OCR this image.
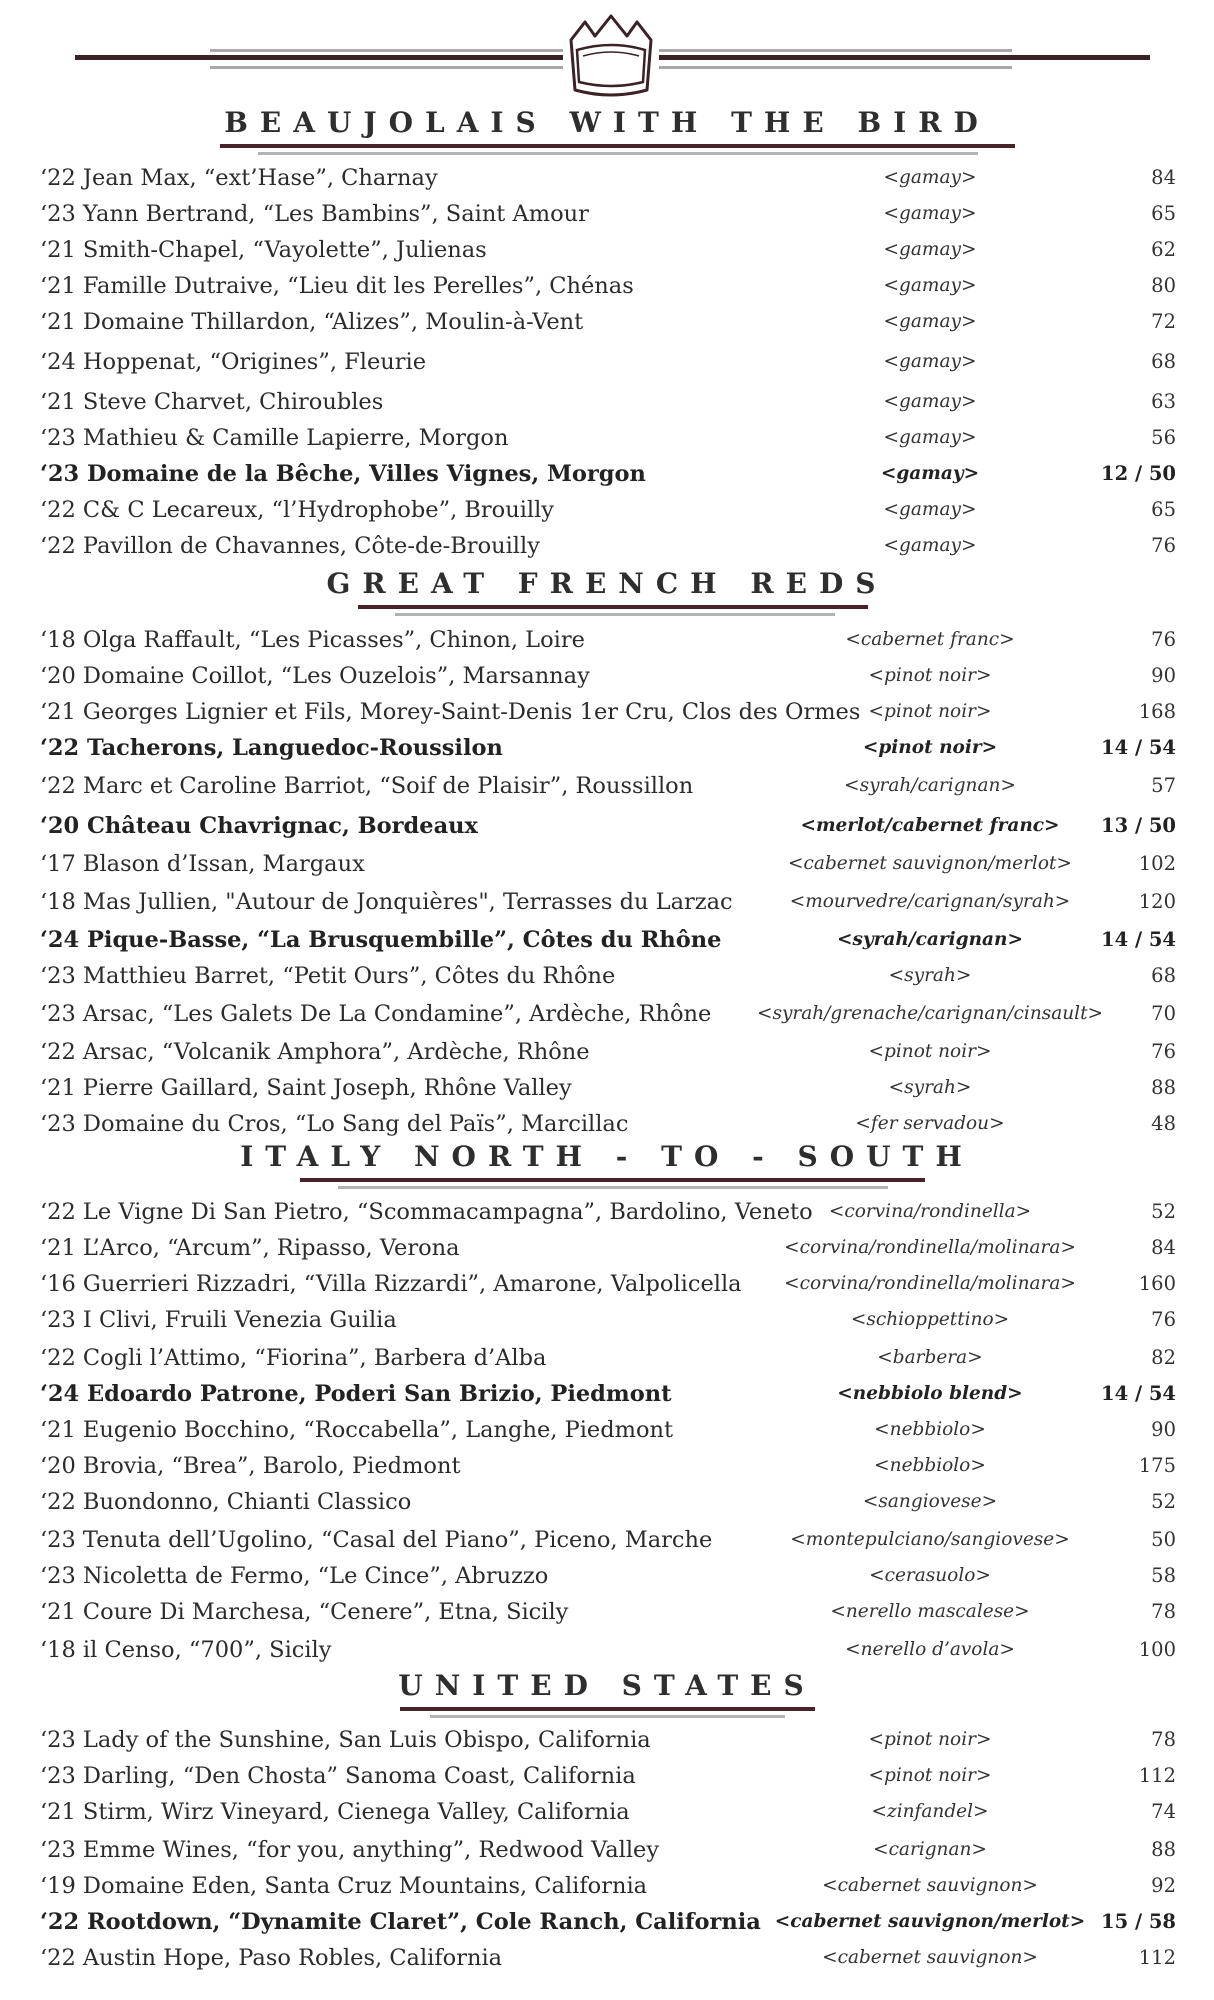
BEAUJOLAIS WITH THE BIRD
‘22 Jean Max, “ext’Hase”, Charnay	<gamay>	84
‘23 Yann Bertrand, “Les Bambins”, Saint Amour	<gamay>	65
‘21 Smith-Chapel, “Vayolette”, Julienas	<gamay>	62
‘21 Famille Dutraive, “Lieu dit les Perelles”, Chénas	<gamay>	80
‘21 Domaine Thillardon, “Alizes”, Moulin-à-Vent	<gamay>	72
‘24 Hoppenat, “Origines”, Fleurie	<gamay>	68
‘21 Steve Charvet, Chiroubles	<gamay>	63
‘23 Mathieu & Camille Lapierre, Morgon	<gamay>	56
‘23 Domaine de la Bêche, Villes Vignes, Morgon	<gamay>	12 / 50
‘22 C& C Lecareux, “l’Hydrophobe”, Brouilly	<gamay>	65
‘22 Pavillon de Chavannes, Côte-de-Brouilly	<gamay>	76
GREAT FRENCH REDS
‘18 Olga Raffault, “Les Picasses”, Chinon, Loire	<cabernet franc>	76
‘20 Domaine Coillot, “Les Ouzelois”, Marsannay	<pinot noir>	90
‘21 Georges Lignier et Fils, Morey-Saint-Denis 1er Cru, Clos des Ormes <pinot noir>	168
‘22 Tacherons, Languedoc-Roussilon	<pinot noir>	14 / 54
‘22 Marc et Caroline Barriot, “Soif de Plaisir”, Roussillon	<syrah/carignan>	57
‘20 Château Chavrignac, Bordeaux	<merlot/cabernet franc>	13 / 50
‘17 Blason d’Issan, Margaux	<cabernet sauvignon/merlot>	102
‘18 Mas Jullien, "Autour de Jonquières", Terrasses du Larzac	<mourvedre/carignan/syrah>	120
‘24 Pique-Basse, “La Brusquembille”, Côtes du Rhône	<syrah/carignan>	14 / 54
‘23 Matthieu Barret, “Petit Ours”, Côtes du Rhône	<syrah>	68
‘23 Arsac, “Les Galets De La Condamine”, Ardèche, Rhône	<syrah/grenache/carignan/cinsault>	70
‘22 Arsac, “Volcanik Amphora”, Ardèche, Rhône	<pinot noir>	76
‘21 Pierre Gaillard, Saint Joseph, Rhône Valley	<syrah>	88
‘23 Domaine du Cros, “Lo Sang del Païs”, Marcillac	<fer servadou>	48
ITALY NORTH - TO - SOUTH
‘22 Le Vigne Di San Pietro, “Scommacampagna”, Bardolino, Veneto <corvina/rondinella>	52
‘21 L’Arco, “Arcum”, Ripasso, Verona	<corvina/rondinella/molinara>	84
‘16 Guerrieri Rizzadri, “Villa Rizzardi”, Amarone, Valpolicella	<corvina/rondinella/molinara>	160
‘23 I Clivi, Fruili Venezia Guilia	<schioppettino>	76
‘22 Cogli l’Attimo, “Fiorina”, Barbera d’Alba	<barbera>	82
‘24 Edoardo Patrone, Poderi San Brizio, Piedmont	<nebbiolo blend>	14 / 54
‘21 Eugenio Bocchino, “Roccabella”, Langhe, Piedmont	<nebbiolo>	90
‘20 Brovia, “Brea”, Barolo, Piedmont	<nebbiolo>	175
‘22 Buondonno, Chianti Classico	<sangiovese>	52
‘23 Tenuta dell’Ugolino, “Casal del Piano”, Piceno, Marche	<montepulciano/sangiovese>	50
‘23 Nicoletta de Fermo, “Le Cince”, Abruzzo	<cerasuolo>	58
‘21 Coure Di Marchesa, “Cenere”, Etna, Sicily	<nerello mascalese>	78
‘18 il Censo, “700”, Sicily	<nerello d’avola>	100
UNITED STATES
‘23 Lady of the Sunshine, San Luis Obispo, California	<pinot noir>	78
‘23 Darling, “Den Chosta” Sanoma Coast, California	<pinot noir>	112
‘21 Stirm, Wirz Vineyard, Cienega Valley, California	<zinfandel>	74
‘23 Emme Wines, “for you, anything”, Redwood Valley	<carignan>	88
‘19 Domaine Eden, Santa Cruz Mountains, California	<cabernet sauvignon>	92
‘22 Rootdown, “Dynamite Claret”, Cole Ranch, California <cabernet sauvignon/merlot> 15 / 58
‘22 Austin Hope, Paso Robles, California	<cabernet sauvignon>	112
